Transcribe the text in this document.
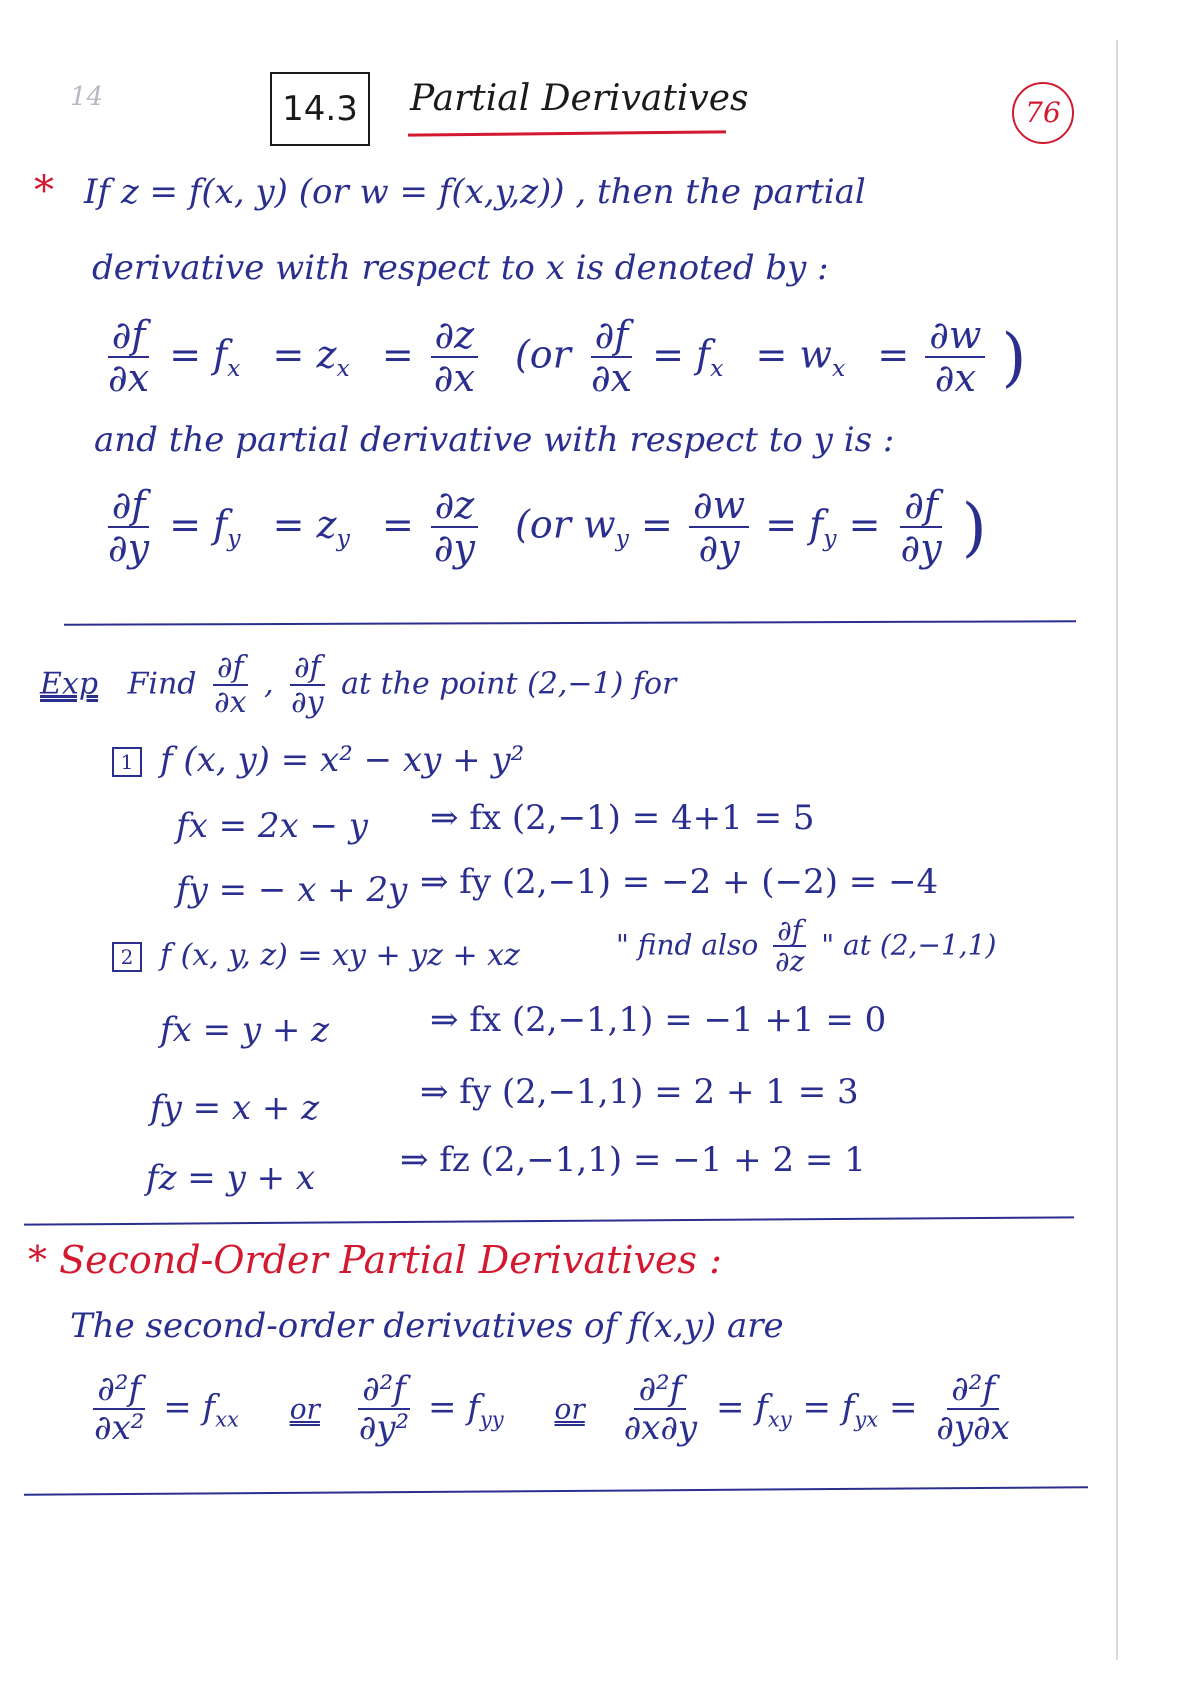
14	14.3	Partial Derivatives	76
* If z = f(x, y) (or w = f(x,y,z)) , then the partial
derivative with respect to x is denoted by :
$\frac{\partial f}{\partial x} = f_x = z_x = \frac{\partial z}{\partial x} (or \frac{\partial f}{\partial x} = f_x = w_x = \frac{\partial w}{\partial x}$ )
and the partial derivative with respect to y is :
$\frac{\partial f}{\partial y} = f_y = z_y = \frac{\partial z}{\partial y} (or$ $w_y = \frac{\partial w}{\partial y} = f_y = \frac{\partial f}{\partial y}$ )
Exp Find $\frac{\partial f}{\partial x}$ , $\frac{\partial f}{\partial y}$ at the point (2,−1) for
1 f (x, y) = x² − xy + y²
fx = 2x − y ⇒ fx (2,−1) = 4+1 = 5
fy = − x + 2y ⇒ fy (2,−1) = −2 + (−2) = −4
2 f (x, y, z) = xy + yz + xz	" find also $\frac{\partial f}{\partial z}$ " at (2,−1,1)
fx = y + z	⇒ fx (2,−1,1) = −1 +1 = 0
fy = x + z	⇒ fy (2,−1,1) = 2 + 1 = 3
fz = y + x ⇒ fz (2,−1,1) = −1 + 2 = 1
* Second-Order Partial Derivatives :
The second-order derivatives of f(x,y) are
$\frac{\text{∂²f}}{\text{∂x²}} = f_{xx}$ or $\frac{\text{∂²f}}{\text{∂y²}} = f_{yy}$ or $\frac{\text{∂²f}}{\partial x\partial y} = f_{xy} = f_{yx} = \frac{\text{∂²f}}{\partial y\partial x}$
